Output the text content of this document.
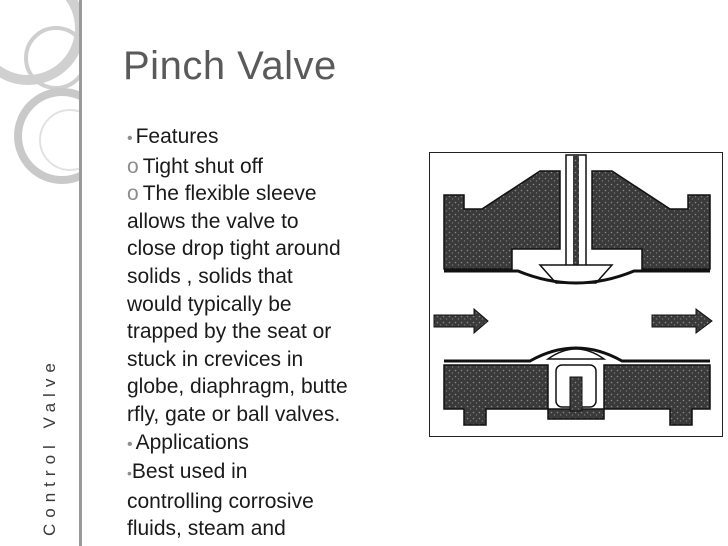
Control Valve
Pinch Valve
• Features
o Tight shut off
o The flexible sleeve
allows the valve to
close drop tight around
solids , solids that
would typically be
trapped by the seat or
stuck in crevices in
globe, diaphragm, butte
rfly, gate or ball valves.
• Applications
•Best used in
controlling corrosive
fluids, steam and
